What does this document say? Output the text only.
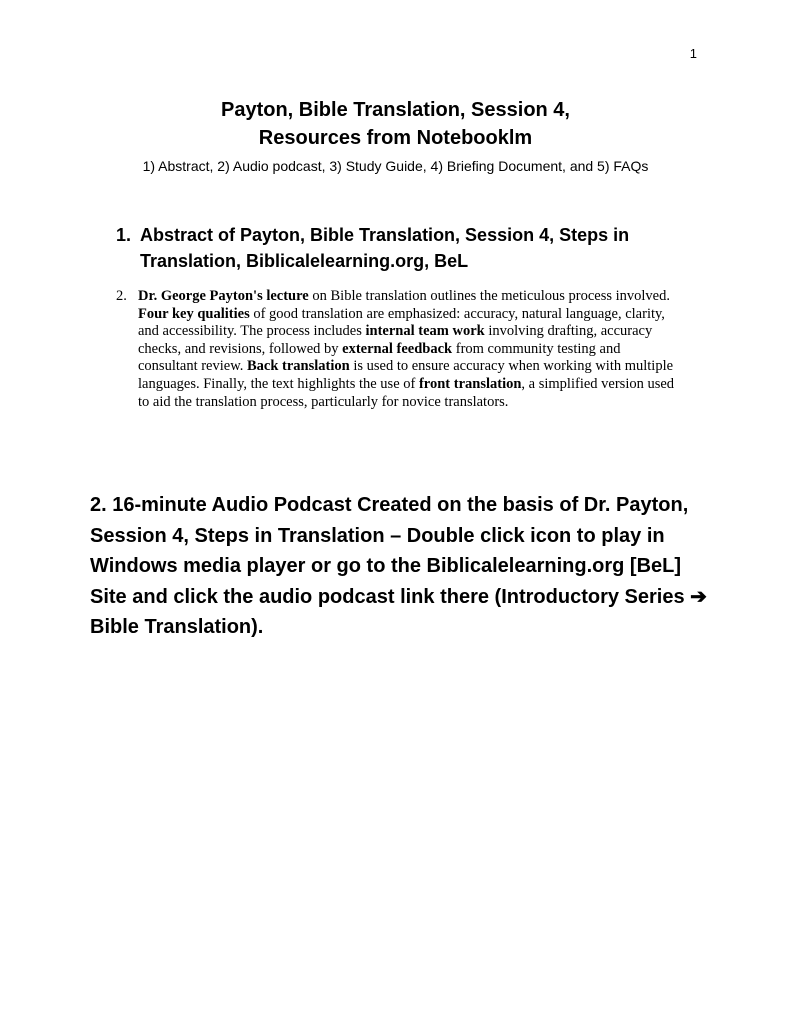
1
Payton, Bible Translation, Session 4,
Resources from Notebooklm
1) Abstract, 2) Audio podcast, 3) Study Guide, 4) Briefing Document, and 5) FAQs
1. Abstract of Payton, Bible Translation, Session 4, Steps in Translation, Biblicalelearning.org, BeL
2. Dr. George Payton's lecture on Bible translation outlines the meticulous process involved. Four key qualities of good translation are emphasized: accuracy, natural language, clarity, and accessibility. The process includes internal team work involving drafting, accuracy checks, and revisions, followed by external feedback from community testing and consultant review. Back translation is used to ensure accuracy when working with multiple languages. Finally, the text highlights the use of front translation, a simplified version used to aid the translation process, particularly for novice translators.
2. 16-minute Audio Podcast Created on the basis of Dr. Payton, Session 4, Steps in Translation – Double click icon to play in Windows media player or go to the Biblicalelearning.org [BeL] Site and click the audio podcast link there (Introductory Series ➔ Bible Translation).
